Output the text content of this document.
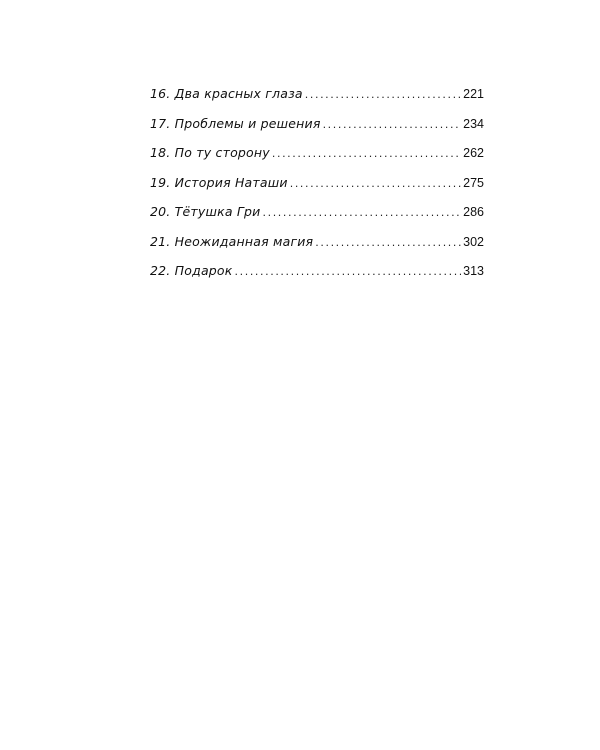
16. Два красных глаза .....	221
17. Проблемы и решения .....	234
18. По ту сторону .....	262
19. История Наташи .....	275
20. Тётушка Гри .....	286
21. Неожиданная магия .....	302
22. Подарок .....	313
